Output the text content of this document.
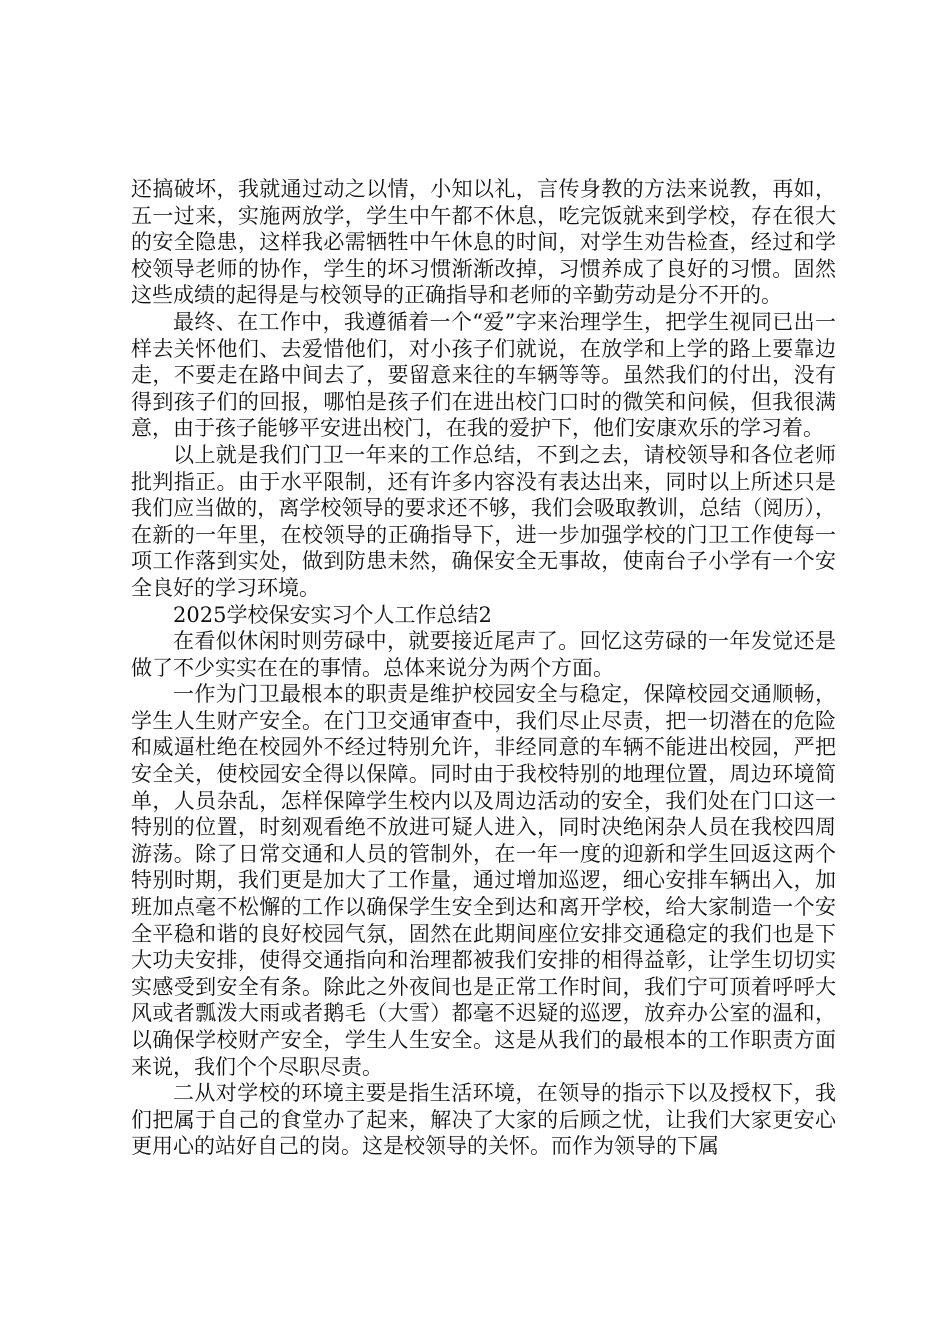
还搞破坏，我就通过动之以情，小知以礼，言传身教的方法来说教，再如，五一过来，实施两放学，学生中午都不休息，吃完饭就来到学校，存在很大的安全隐患，这样我必需牺牲中午休息的时间，对学生劝告检查，经过和学校领导老师的协作，学生的坏习惯渐渐改掉，习惯养成了良好的习惯。固然这些成绩的起得是与校领导的正确指导和老师的辛勤劳动是分不开的。

最终、在工作中，我遵循着一个“爱”字来治理学生，把学生视同已出一样去关怀他们、去爱惜他们，对小孩子们就说，在放学和上学的路上要靠边走，不要走在路中间去了，要留意来往的车辆等等。虽然我们的付出，没有得到孩子们的回报，哪怕是孩子们在进出校门口时的微笑和问候，但我很满意，由于孩子能够平安进出校门，在我的爱护下，他们安康欢乐的学习着。

以上就是我们门卫一年来的工作总结，不到之去，请校领导和各位老师批判指正。由于水平限制，还有许多内容没有表达出来，同时以上所述只是我们应当做的，离学校领导的要求还不够，我们会吸取教训，总结（阅历），在新的一年里，在校领导的正确指导下，进一步加强学校的门卫工作使每一项工作落到实处，做到防患未然，确保安全无事故，使南台子小学有一个安全良好的学习环境。

2025学校保安实习个人工作总结2

在看似休闲时则劳碌中，就要接近尾声了。回忆这劳碌的一年发觉还是做了不少实实在在的事情。总体来说分为两个方面。

一作为门卫最根本的职责是维护校园安全与稳定，保障校园交通顺畅，学生人生财产安全。在门卫交通审查中，我们尽止尽责，把一切潜在的危险和威逼杜绝在校园外不经过特别允许，非经同意的车辆不能进出校园，严把安全关，使校园安全得以保障。同时由于我校特别的地理位置，周边环境简单，人员杂乱，怎样保障学生校内以及周边活动的安全，我们处在门口这一特别的位置，时刻观看绝不放进可疑人进入，同时决绝闲杂人员在我校四周游荡。除了日常交通和人员的管制外，在一年一度的迎新和学生回返这两个特别时期，我们更是加大了工作量，通过增加巡逻，细心安排车辆出入，加班加点毫不松懈的工作以确保学生安全到达和离开学校，给大家制造一个安全平稳和谐的良好校园气氛，固然在此期间座位安排交通稳定的我们也是下大功夫安排，使得交通指向和治理都被我们安排的相得益彰，让学生切切实实感受到安全有条。除此之外夜间也是正常工作时间，我们宁可顶着呼呼大风或者瓢泼大雨或者鹅毛（大雪）都毫不迟疑的巡逻，放弃办公室的温和，以确保学校财产安全，学生人生安全。这是从我们的最根本的工作职责方面来说，我们个个尽职尽责。

二从对学校的环境主要是指生活环境，在领导的指示下以及授权下，我们把属于自己的食堂办了起来，解决了大家的后顾之忧，让我们大家更安心更用心的站好自己的岗。这是校领导的关怀。而作为领导的下属
